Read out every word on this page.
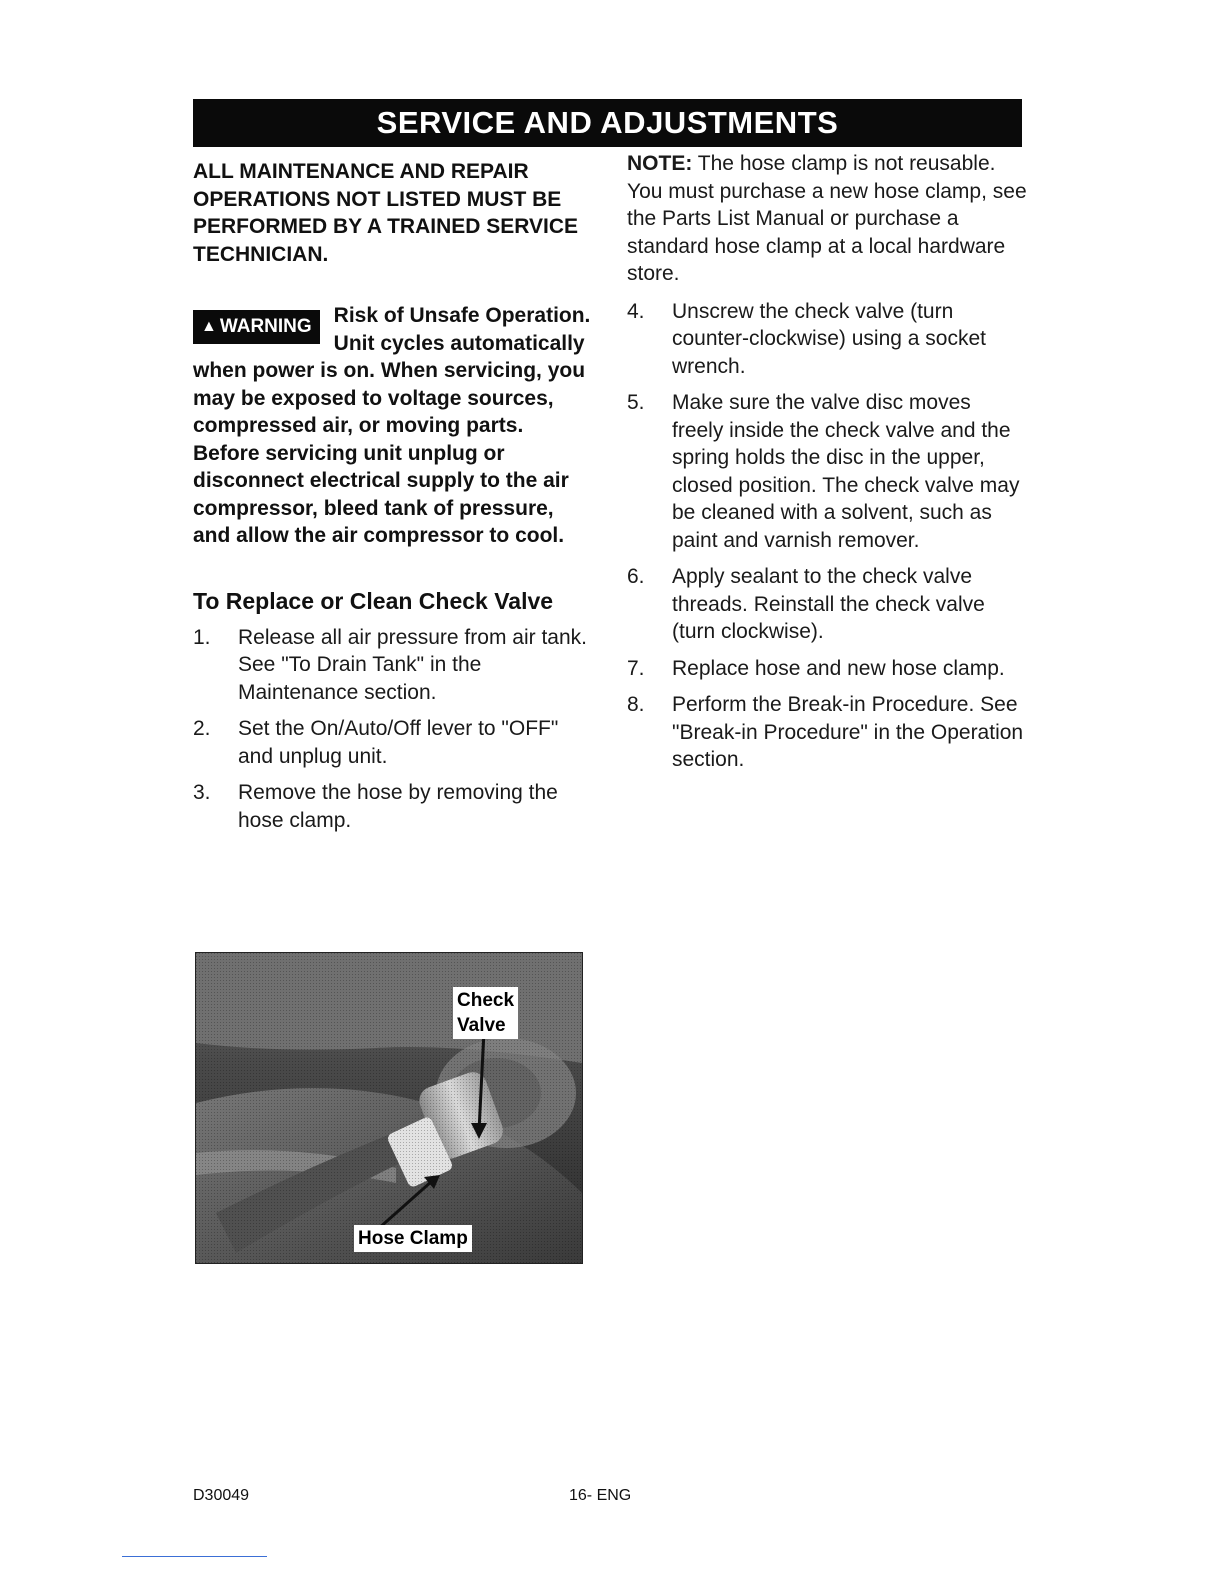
SERVICE AND ADJUSTMENTS

ALL MAINTENANCE AND REPAIR OPERATIONS NOT LISTED MUST BE PERFORMED BY A TRAINED SERVICE TECHNICIAN.

▲ WARNING Risk of Unsafe Operation. Unit cycles automatically when power is on. When servicing, you may be exposed to voltage sources, compressed air, or moving parts. Before servicing unit unplug or disconnect electrical supply to the air compressor, bleed tank of pressure, and allow the air compressor to cool.
To Replace or Clean Check Valve
1.	Release all air pressure from air tank. See "To Drain Tank" in the Maintenance section.
2.	Set the On/Auto/Off lever to "OFF" and unplug unit.
3.	Remove the hose by removing the hose clamp.

NOTE: The hose clamp is not reusable. You must purchase a new hose clamp, see the Parts List Manual or purchase a standard hose clamp at a local hardware store.

4.	Unscrew the check valve (turn counter-clockwise) using a socket wrench.
5.	Make sure the valve disc moves freely inside the check valve and the spring holds the disc in the upper, closed position. The check valve may be cleaned with a solvent, such as paint and varnish remover.
6.	Apply sealant to the check valve threads. Reinstall the check valve (turn clockwise).
7.	Replace hose and new hose clamp.
8.	Perform the Break-in Procedure. See "Break-in Procedure" in the Operation section.
Check
Valve
Hose Clamp
D30049	16- ENG
